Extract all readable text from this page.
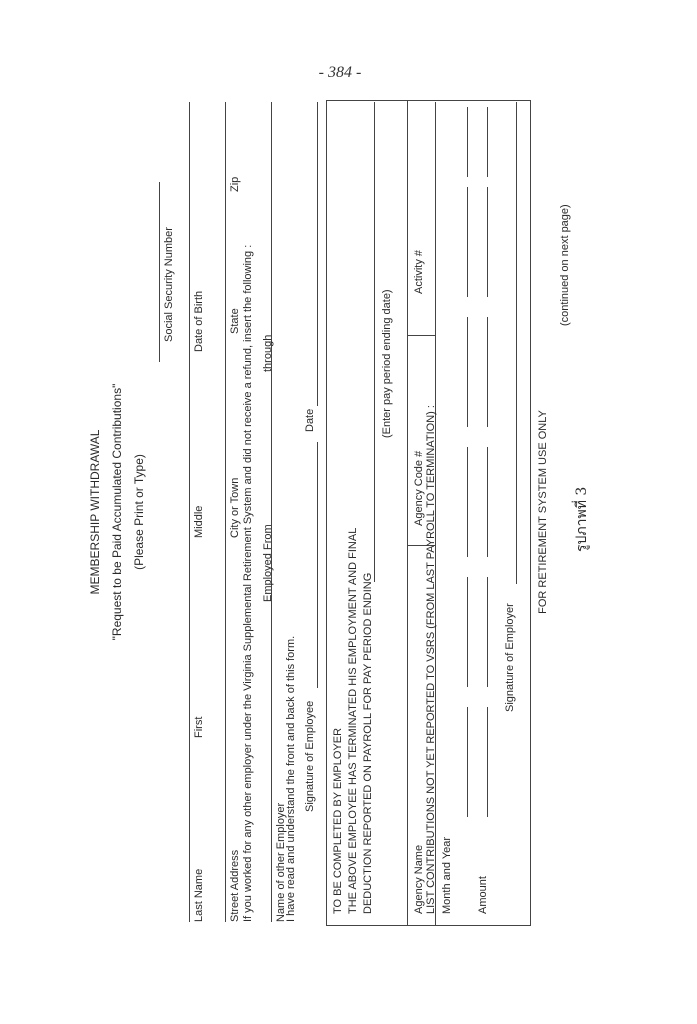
- 384 -
MEMBERSHIP WITHDRAWAL "Request to be Paid Accumulated Contributions" (Please Print or Type)
Social Security Number
Last Name
First
Middle
Date of Birth
Street Address
City or Town
State
Zip
If you worked for any other employer under the Virginia Supplemental Retirement System and did not receive a refund, insert the following : Employed From
through
Name of other Employer
I have read and understand the front and back of this form. Signature of Employee
Date
TO BE COMPLETED BY EMPLOYER THE ABOVE EMPLOYEE HAS TERMINATED HIS EMPLOYMENT AND FINAL DEDUCTION REPORTED ON PAYROLL FOR PAY PERIOD ENDING
(Enter pay period ending date)
Agency Name
Agency Code #
Activity #
LIST CONTRIBUTIONS NOT YET REPORTED TO VSRS (FROM LAST PAYROLL TO TERMINATION) : Month and Year Amount
Signature of Employer
FOR RETIREMENT SYSTEM USE ONLY
(continued on next page)
รูปภาพที่ 3
